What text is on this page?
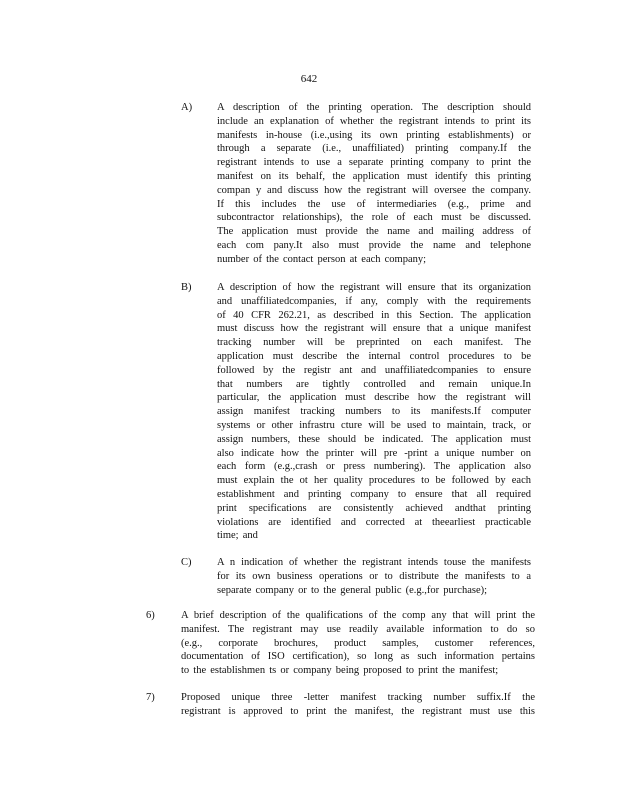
642
A) A description of the printing operation. The description should
include an explanation of whether the registrant intends to print its
manifests in-house (i.e.,using its own printing establishments) or
through a separate (i.e., unaffiliated) printing company.If the
registrant intends to use a separate printing company to print the
manifest on its behalf, the application must identify this printing
compan y and discuss how the registrant will oversee the company.
If this includes the use of intermediaries (e.g., prime and
subcontractor relationships), the role of each must be discussed.
The application must provide the name and mailing address of
each com pany.It also must provide the name and telephone
number of the contact person at each company;
B) A description of how the registrant will ensure that its organization
and unaffiliatedcompanies, if any, comply with the requirements
of 40 CFR 262.21, as described in this Section. The application
must discuss how the registrant will ensure that a unique manifest
tracking number will be preprinted on each manifest. The
application must describe the internal control procedures to be
followed by the registr ant and unaffiliatedcompanies to ensure
that numbers are tightly controlled and remain unique.In
particular, the application must describe how the registrant will
assign manifest tracking numbers to its manifests.If computer
systems or other infrastru cture will be used to maintain, track, or
assign numbers, these should be indicated. The application must
also indicate how the printer will pre -print a unique number on
each form (e.g.,crash or press numbering). The application also
must explain the ot her quality procedures to be followed by each
establishment and printing company to ensure that all required
print specifications are consistently achieved andthat printing
violations are identified and corrected at theearliest practicable
time; and
C) A n indication of whether the registrant intends touse the manifests
for its own business operations or to distribute the manifests to a
separate company or to the general public (e.g.,for purchase);
6)	A brief description of the qualifications of the comp any that will print the
manifest. The registrant may use readily available information to do so
(e.g., corporate brochures, product samples, customer references,
documentation of ISO certification), so long as such information pertains
to the establishmen ts or company being proposed to print the manifest;
7)	Proposed unique three -letter manifest tracking number suffix.If the
registrant is approved to print the manifest, the registrant must use this
